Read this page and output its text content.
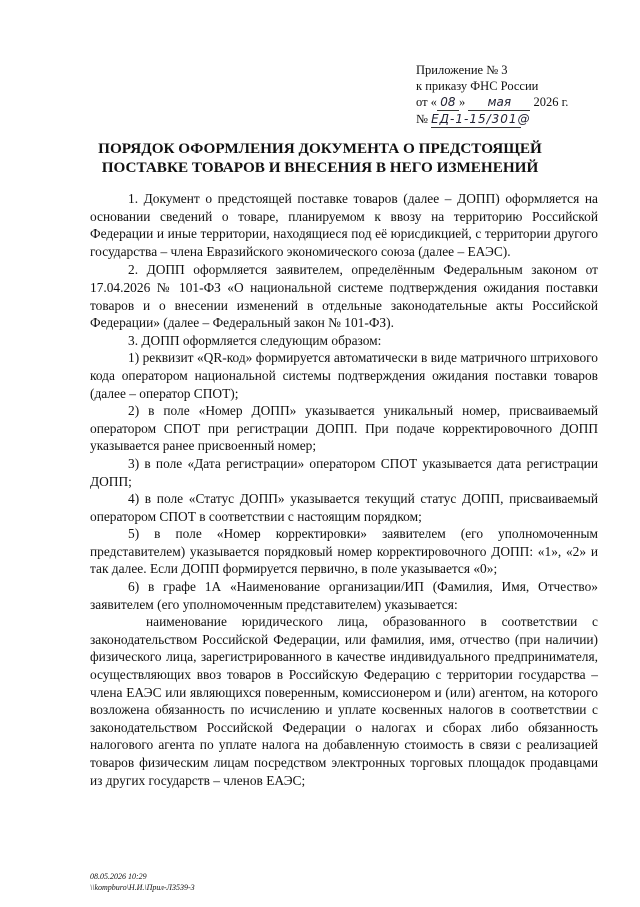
Приложение № 3
к приказу ФНС России
от « 08 » мая 2026 г.
№ ЕД-1-15/301@
ПОРЯДОК ОФОРМЛЕНИЯ ДОКУМЕНТА О ПРЕДСТОЯЩЕЙ
ПОСТАВКЕ ТОВАРОВ И ВНЕСЕНИЯ В НЕГО ИЗМЕНЕНИЙ

1. Документ о предстоящей поставке товаров (далее – ДОПП) оформляется на основании сведений о товаре, планируемом к ввозу на территорию Российской Федерации и иные территории, находящиеся под её юрисдикцией, с территории другого государства – члена Евразийского экономического союза (далее – ЕАЭС).

2. ДОПП оформляется заявителем, определённым Федеральным законом от 17.04.2026 № 101-ФЗ «О национальной системе подтверждения ожидания поставки товаров и о внесении изменений в отдельные законодательные акты Российской Федерации» (далее – Федеральный закон № 101-ФЗ).

3. ДОПП оформляется следующим образом:

1) реквизит «QR-код» формируется автоматически в виде матричного штрихового кода оператором национальной системы подтверждения ожидания поставки товаров (далее – оператор СПОТ);

2) в поле «Номер ДОПП» указывается уникальный номер, присваиваемый оператором СПОТ при регистрации ДОПП. При подаче корректировочного ДОПП указывается ранее присвоенный номер;

3) в поле «Дата регистрации» оператором СПОТ указывается дата регистрации ДОПП;

4) в поле «Статус ДОПП» указывается текущий статус ДОПП, присваиваемый оператором СПОТ в соответствии с настоящим порядком;

5) в поле «Номер корректировки» заявителем (его уполномоченным представителем) указывается порядковый номер корректировочного ДОПП: «1», «2» и так далее. Если ДОПП формируется первично, в поле указывается «0»;

6) в графе 1А «Наименование организации/ИП (Фамилия, Имя, Отчество» заявителем (его уполномоченным представителем) указывается:

наименование юридического лица, образованного в соответствии с законодательством Российской Федерации, или фамилия, имя, отчество (при наличии) физического лица, зарегистрированного в качестве индивидуального предпринимателя, осуществляющих ввоз товаров в Российскую Федерацию с территории государства – члена ЕАЭС или являющихся поверенным, комиссионером и (или) агентом, на которого возложена обязанность по исчислению и уплате косвенных налогов в соответствии с законодательством Российской Федерации о налогах и сборах либо обязанность налогового агента по уплате налога на добавленную стоимость в связи с реализацией товаров физическим лицам посредством электронных торговых площадок продавцами из других государств – членов ЕАЭС;

08.05.2026 10:29
\\kompburo\Н.И.\Прил-Л3539-3
